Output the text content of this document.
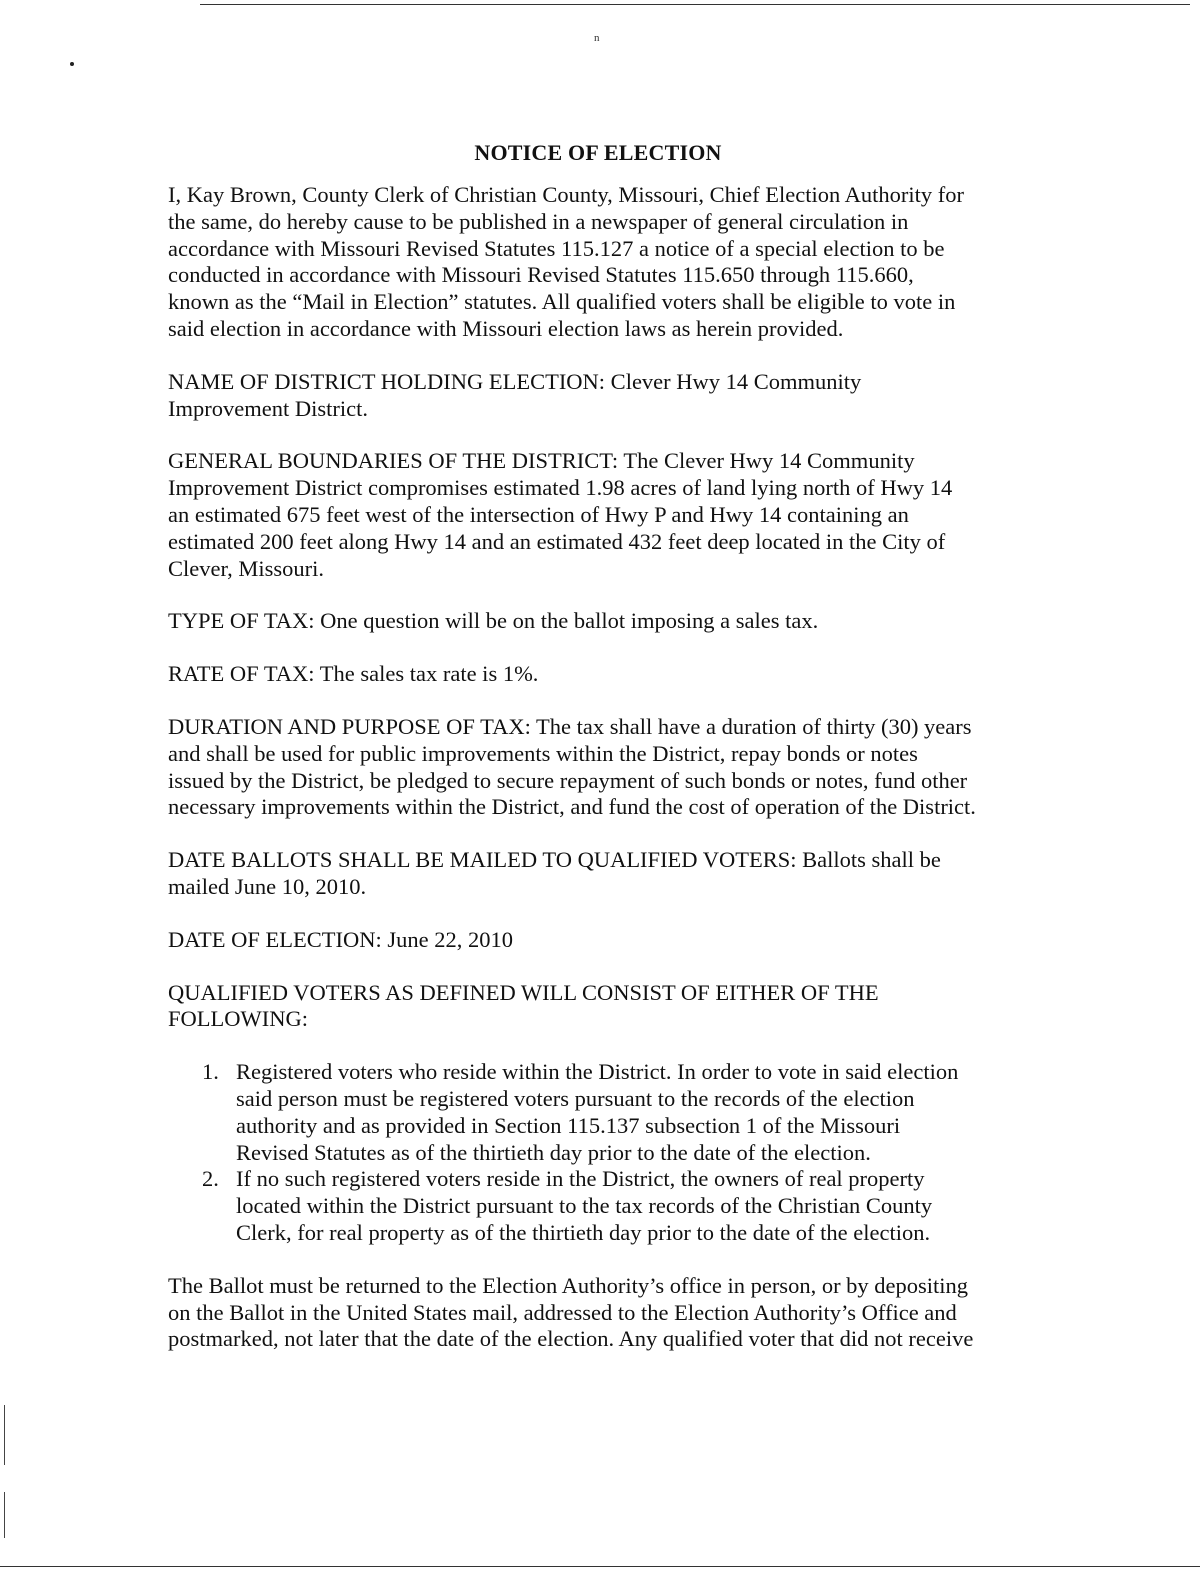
n
NOTICE OF ELECTION

I, Kay Brown, County Clerk of Christian County, Missouri, Chief Election Authority for
the same, do hereby cause to be published in a newspaper of general circulation in
accordance with Missouri Revised Statutes 115.127 a notice of a special election to be
conducted in accordance with Missouri Revised Statutes 115.650 through 115.660,
known as the “Mail in Election” statutes. All qualified voters shall be eligible to vote in
said election in accordance with Missouri election laws as herein provided.

NAME OF DISTRICT HOLDING ELECTION: Clever Hwy 14 Community
Improvement District.

GENERAL BOUNDARIES OF THE DISTRICT: The Clever Hwy 14 Community
Improvement District compromises estimated 1.98 acres of land lying north of Hwy 14
an estimated 675 feet west of the intersection of Hwy P and Hwy 14 containing an
estimated 200 feet along Hwy 14 and an estimated 432 feet deep located in the City of
Clever, Missouri.

TYPE OF TAX: One question will be on the ballot imposing a sales tax.

RATE OF TAX: The sales tax rate is 1%.

DURATION AND PURPOSE OF TAX: The tax shall have a duration of thirty (30) years
and shall be used for public improvements within the District, repay bonds or notes
issued by the District, be pledged to secure repayment of such bonds or notes, fund other
necessary improvements within the District, and fund the cost of operation of the District.

DATE BALLOTS SHALL BE MAILED TO QUALIFIED VOTERS: Ballots shall be
mailed June 10, 2010.

DATE OF ELECTION: June 22, 2010

QUALIFIED VOTERS AS DEFINED WILL CONSIST OF EITHER OF THE
FOLLOWING:

1. Registered voters who reside within the District. In order to vote in said election
said person must be registered voters pursuant to the records of the election
authority and as provided in Section 115.137 subsection 1 of the Missouri
Revised Statutes as of the thirtieth day prior to the date of the election.
2. If no such registered voters reside in the District, the owners of real property
located within the District pursuant to the tax records of the Christian County
Clerk, for real property as of the thirtieth day prior to the date of the election.

The Ballot must be returned to the Election Authority’s office in person, or by depositing
on the Ballot in the United States mail, addressed to the Election Authority’s Office and
postmarked, not later that the date of the election. Any qualified voter that did not receive
